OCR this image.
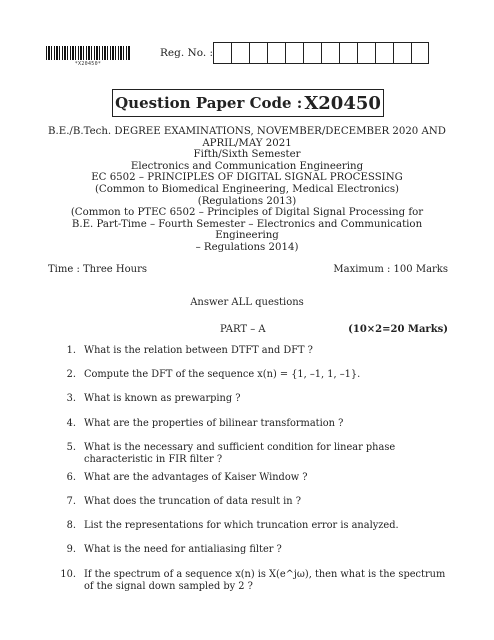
*X20450*
Reg. No. :
Question Paper Code : X20450
B.E./B.Tech. DEGREE EXAMINATIONS, NOVEMBER/DECEMBER 2020 AND
APRIL/MAY 2021
Fifth/Sixth Semester
Electronics and Communication Engineering
EC 6502 – PRINCIPLES OF DIGITAL SIGNAL PROCESSING
(Common to Biomedical Engineering, Medical Electronics)
(Regulations 2013)
(Common to PTEC 6502 – Principles of Digital Signal Processing for
B.E. Part-Time – Fourth Semester – Electronics and Communication Engineering
– Regulations 2014)
Time : Three Hours	Maximum : 100 Marks
Answer ALL questions
PART – A	(10×2=20 Marks)
1. What is the relation between DTFT and DFT ?
2. Compute the DFT of the sequence x(n) = {1, –1, 1, –1}.
3. What is known as prewarping ?
4. What are the properties of bilinear transformation ?
5. What is the necessary and sufficient condition for linear phase characteristic in FIR filter ?
6. What are the advantages of Kaiser Window ?
7. What does the truncation of data result in ?
8. List the representations for which truncation error is analyzed.
9. What is the need for antialiasing filter ?
10. If the spectrum of a sequence x(n) is X(e^jω), then what is the spectrum of the signal down sampled by 2 ?
